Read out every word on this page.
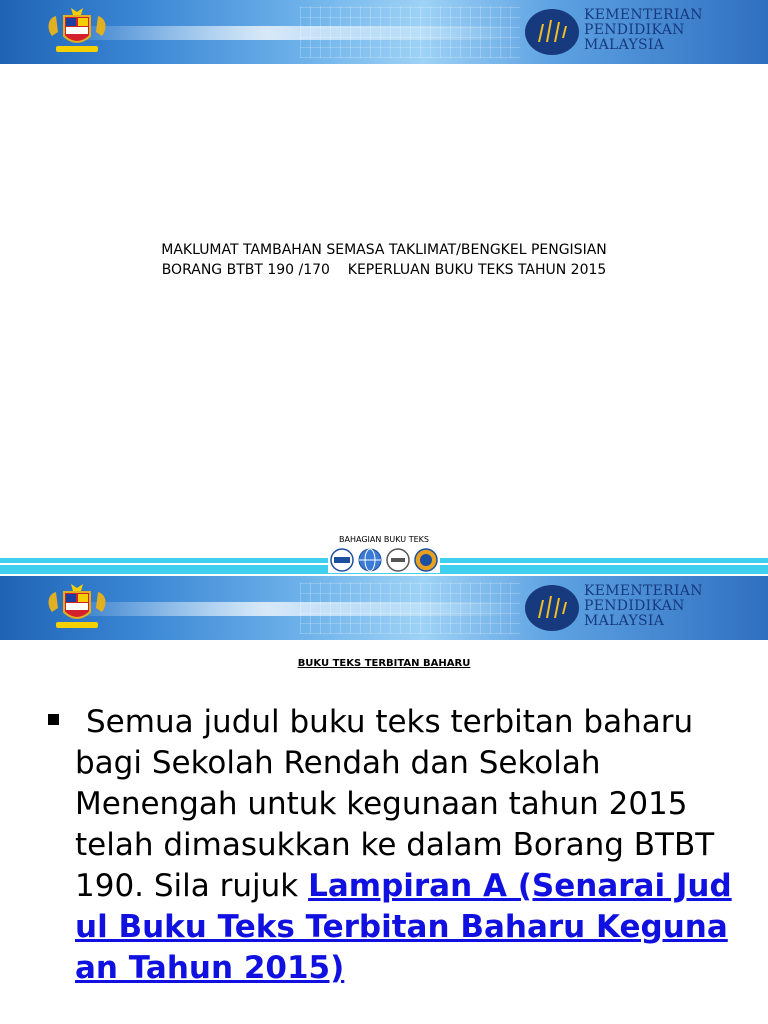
KEMENTERIAN
PENDIDIKAN
MALAYSIA
MAKLUMAT TAMBAHAN SEMASA TAKLIMAT/BENGKEL PENGISIAN
BORANG BTBT 190 /170    KEPERLUAN BUKU TEKS TAHUN 2015
BAHAGIAN BUKU TEKS
KEMENTERIAN
PENDIDIKAN
MALAYSIA
BUKU TEKS TERBITAN BAHARU
Semua judul buku teks terbitan baharu bagi Sekolah Rendah dan Sekolah Menengah untuk kegunaan tahun 2015 telah dimasukkan ke dalam Borang BTBT 190. Sila rujuk Lampiran A (Senarai Judul Buku Teks Terbitan Baharu Kegunaan Tahun 2015)
